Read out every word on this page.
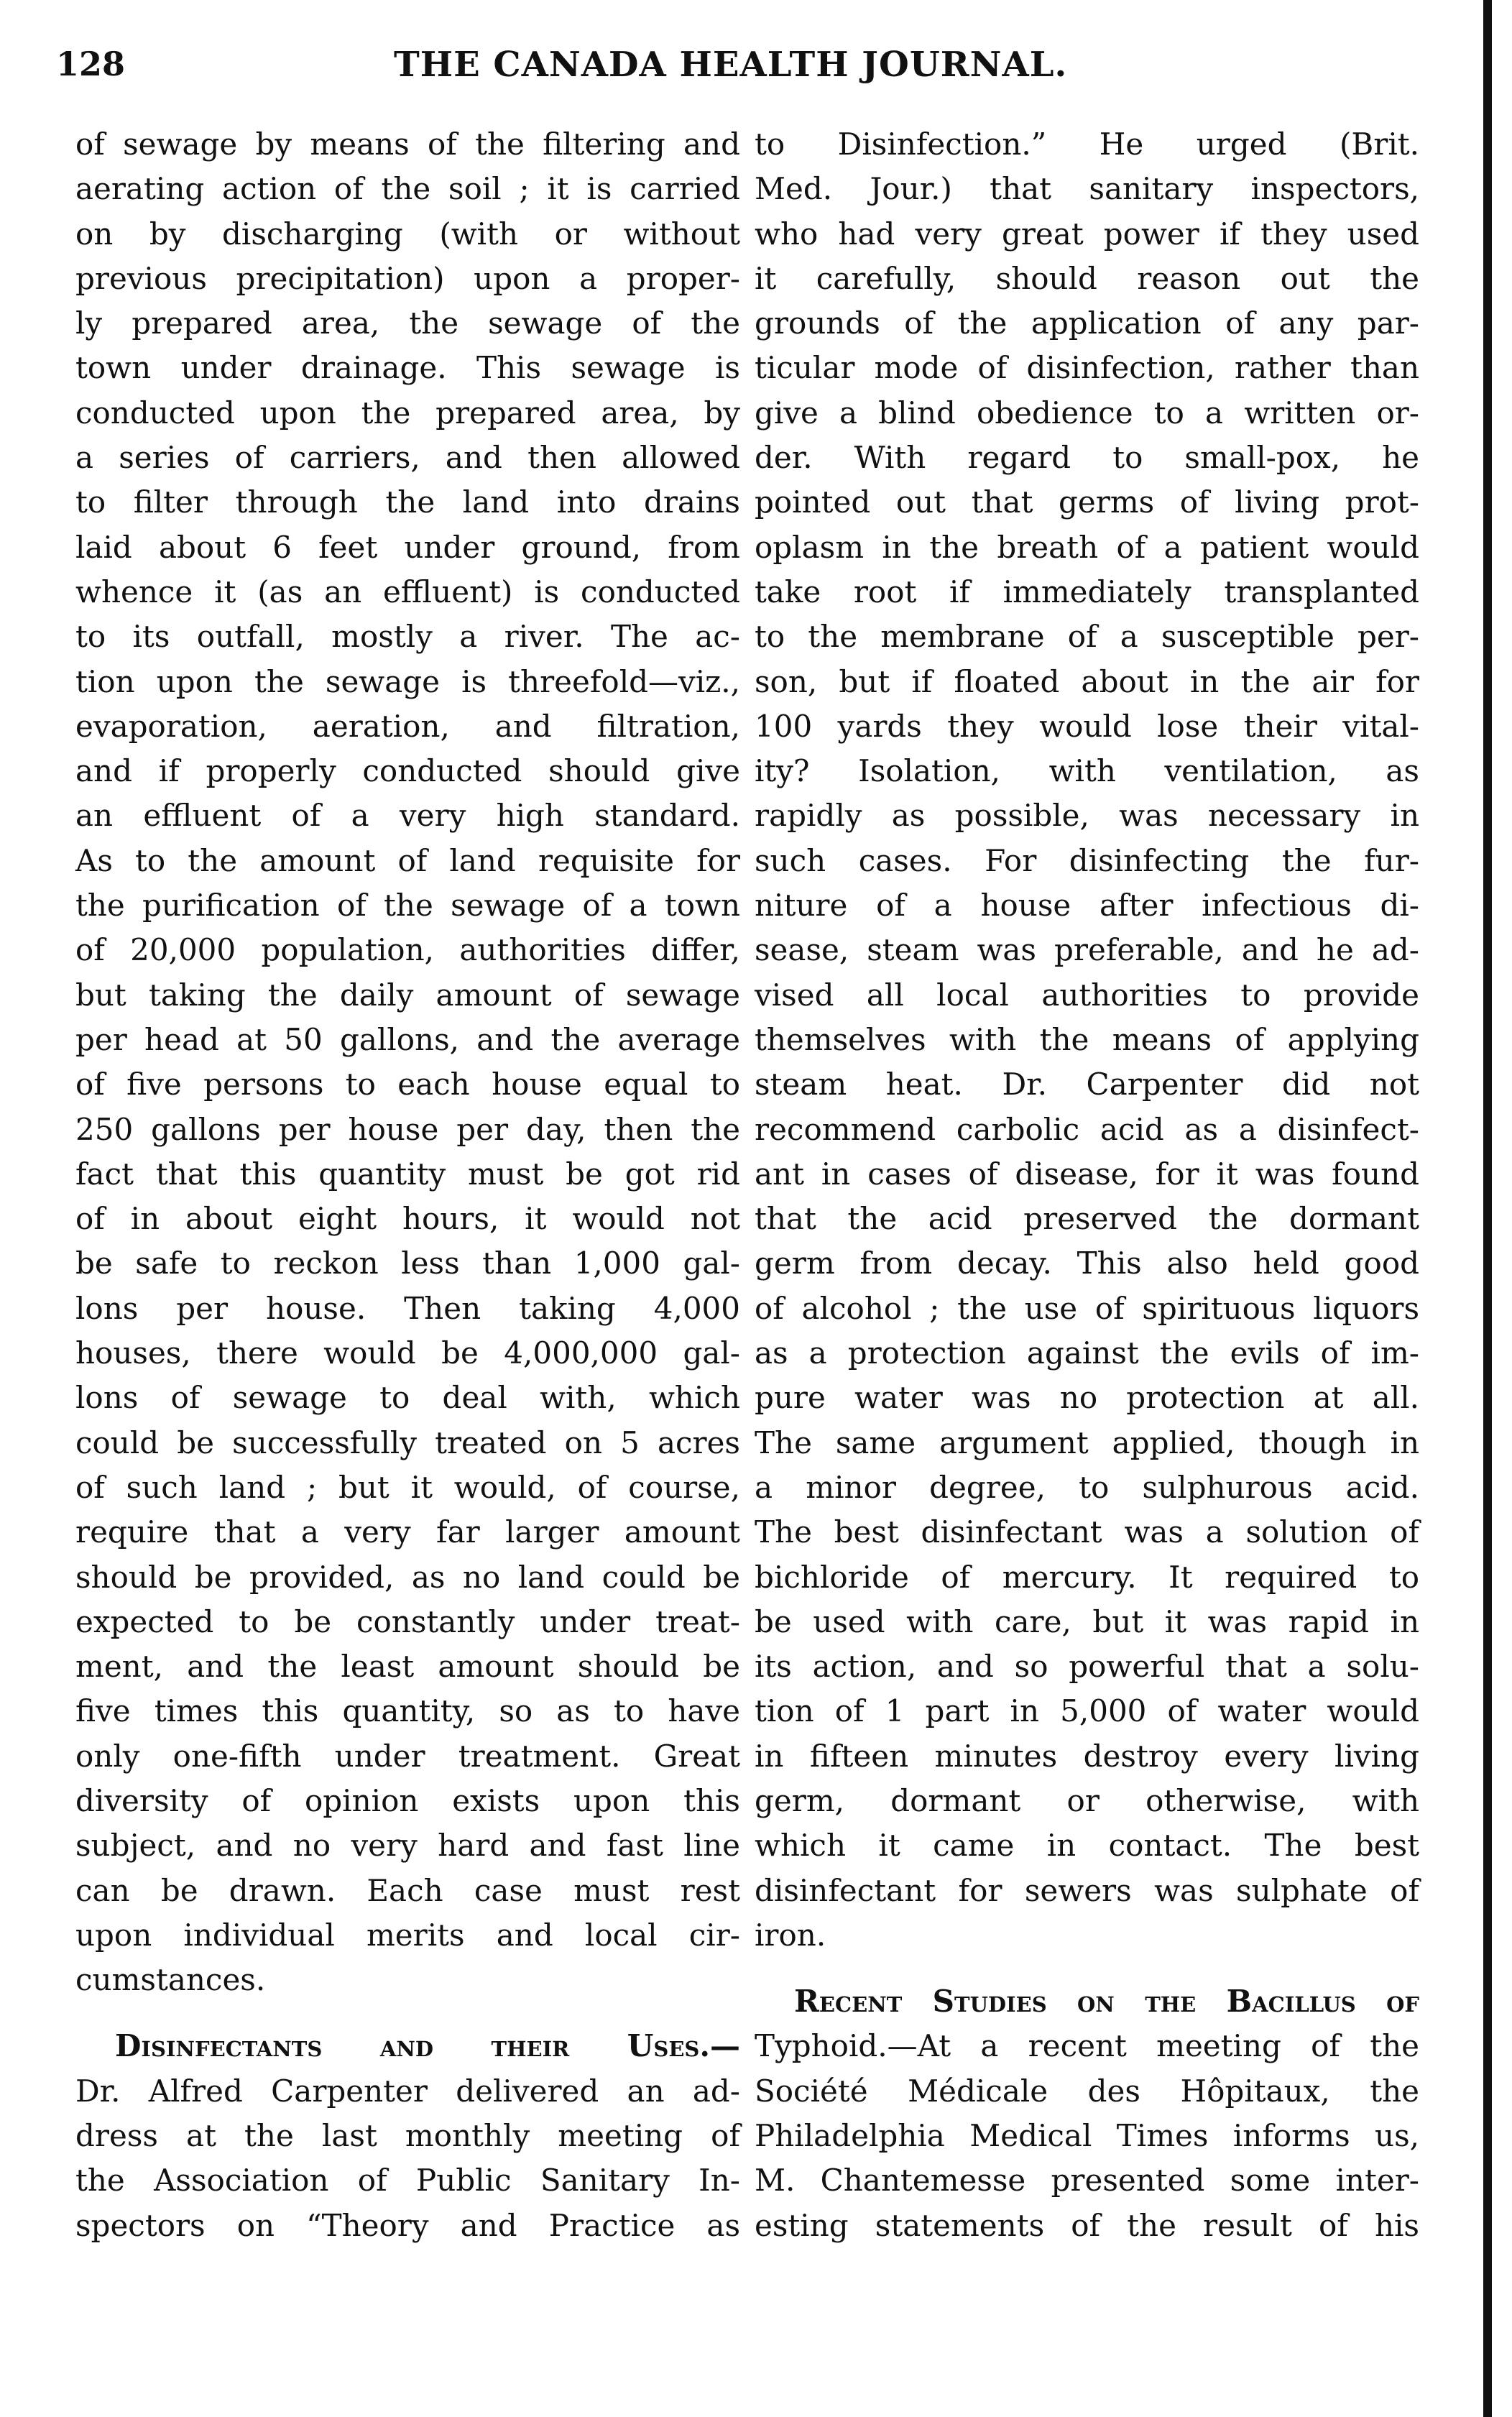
128	THE CANADA HEALTH JOURNAL.
of sewage by means of the filtering and
aerating action of the soil ; it is carried
on by discharging (with or without
previous precipitation) upon a proper-
ly prepared area, the sewage of the
town under drainage. This sewage is
conducted upon the prepared area, by
a series of carriers, and then allowed
to filter through the land into drains
laid about 6 feet under ground, from
whence it (as an effluent) is conducted
to its outfall, mostly a river. The ac-
tion upon the sewage is threefold—viz.,
evaporation, aeration, and filtration,
and if properly conducted should give
an effluent of a very high standard.
As to the amount of land requisite for
the purification of the sewage of a town
of 20,000 population, authorities differ,
but taking the daily amount of sewage
per head at 50 gallons, and the average
of five persons to each house equal to
250 gallons per house per day, then the
fact that this quantity must be got rid
of in about eight hours, it would not
be safe to reckon less than 1,000 gal-
lons per house. Then taking 4,000
houses, there would be 4,000,000 gal-
lons of sewage to deal with, which
could be successfully treated on 5 acres
of such land ; but it would, of course,
require that a very far larger amount
should be provided, as no land could be
expected to be constantly under treat-
ment, and the least amount should be
five times this quantity, so as to have
only one-fifth under treatment. Great
diversity of opinion exists upon this
subject, and no very hard and fast line
can be drawn. Each case must rest
upon individual merits and local cir-
cumstances.
Disinfectants and their Uses.—
Dr. Alfred Carpenter delivered an ad-
dress at the last monthly meeting of
the Association of Public Sanitary In-
spectors on “Theory and Practice as
to Disinfection.” He urged (Brit.
Med. Jour.) that sanitary inspectors,
who had very great power if they used
it carefully, should reason out the
grounds of the application of any par-
ticular mode of disinfection, rather than
give a blind obedience to a written or-
der. With regard to small-pox, he
pointed out that germs of living prot-
oplasm in the breath of a patient would
take root if immediately transplanted
to the membrane of a susceptible per-
son, but if floated about in the air for
100 yards they would lose their vital-
ity? Isolation, with ventilation, as
rapidly as possible, was necessary in
such cases. For disinfecting the fur-
niture of a house after infectious di-
sease, steam was preferable, and he ad-
vised all local authorities to provide
themselves with the means of applying
steam heat. Dr. Carpenter did not
recommend carbolic acid as a disinfect-
ant in cases of disease, for it was found
that the acid preserved the dormant
germ from decay. This also held good
of alcohol ; the use of spirituous liquors
as a protection against the evils of im-
pure water was no protection at all.
The same argument applied, though in
a minor degree, to sulphurous acid.
The best disinfectant was a solution of
bichloride of mercury. It required to
be used with care, but it was rapid in
its action, and so powerful that a solu-
tion of 1 part in 5,000 of water would
in fifteen minutes destroy every living
germ, dormant or otherwise, with
which it came in contact. The best
disinfectant for sewers was sulphate of
iron.
Recent Studies on the Bacillus of
Typhoid.—At a recent meeting of the
Société Médicale des Hôpitaux, the
Philadelphia Medical Times informs us,
M. Chantemesse presented some inter-
esting statements of the result of his
